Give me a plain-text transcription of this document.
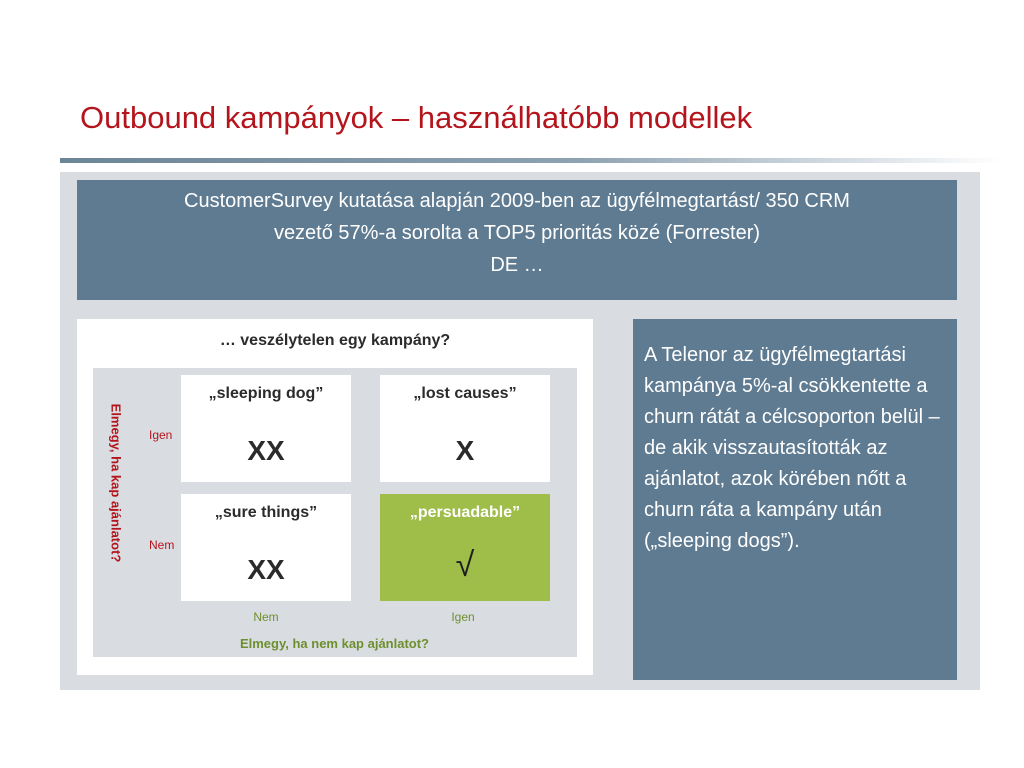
Outbound kampányok – használhatóbb modellek
CustomerSurvey kutatása alapján 2009-ben az ügyfélmegtartást/ 350 CRM
vezető 57%-a sorolta a TOP5 prioritás közé (Forrester)
DE …
… veszélytelen egy kampány?
Elmegy, ha kap ajánlatot? Igen
Nem
„sleeping dog”
XX
„lost causes”
X
„sure things”
XX
„persuadable”
√
Nem	Igen
Elmegy, ha nem kap ajánlatot?
A Telenor az ügyfélmegtartási kampánya 5%-al csökkentette a churn rátát a célcsoporton belül – de akik visszautasították az ajánlatot, azok körében nőtt a churn ráta a kampány után („sleeping dogs”).
